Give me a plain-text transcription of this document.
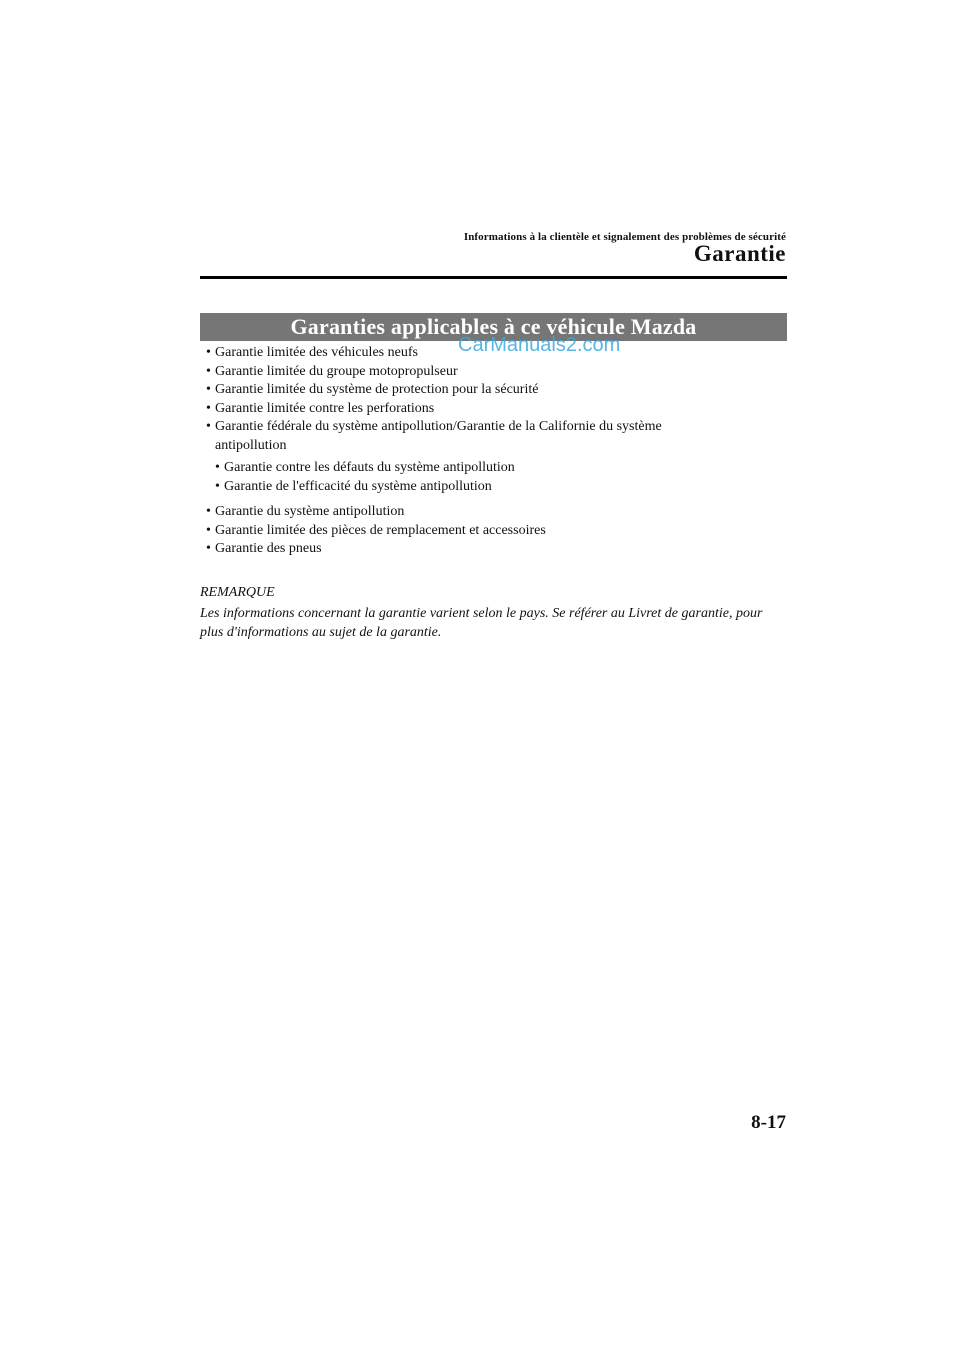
Informations à la clientèle et signalement des problèmes de sécurité
Garantie
Garanties applicables à ce véhicule Mazda
CarManuals2.com
• Garantie limitée des véhicules neufs
• Garantie limitée du groupe motopropulseur
• Garantie limitée du système de protection pour la sécurité
• Garantie limitée contre les perforations
• Garantie fédérale du système antipollution/Garantie de la Californie du système antipollution
• Garantie contre les défauts du système antipollution
• Garantie de l'efficacité du système antipollution
• Garantie du système antipollution
• Garantie limitée des pièces de remplacement et accessoires
• Garantie des pneus
REMARQUE
Les informations concernant la garantie varient selon le pays. Se référer au Livret de garantie, pour plus d'informations au sujet de la garantie.
8-17
